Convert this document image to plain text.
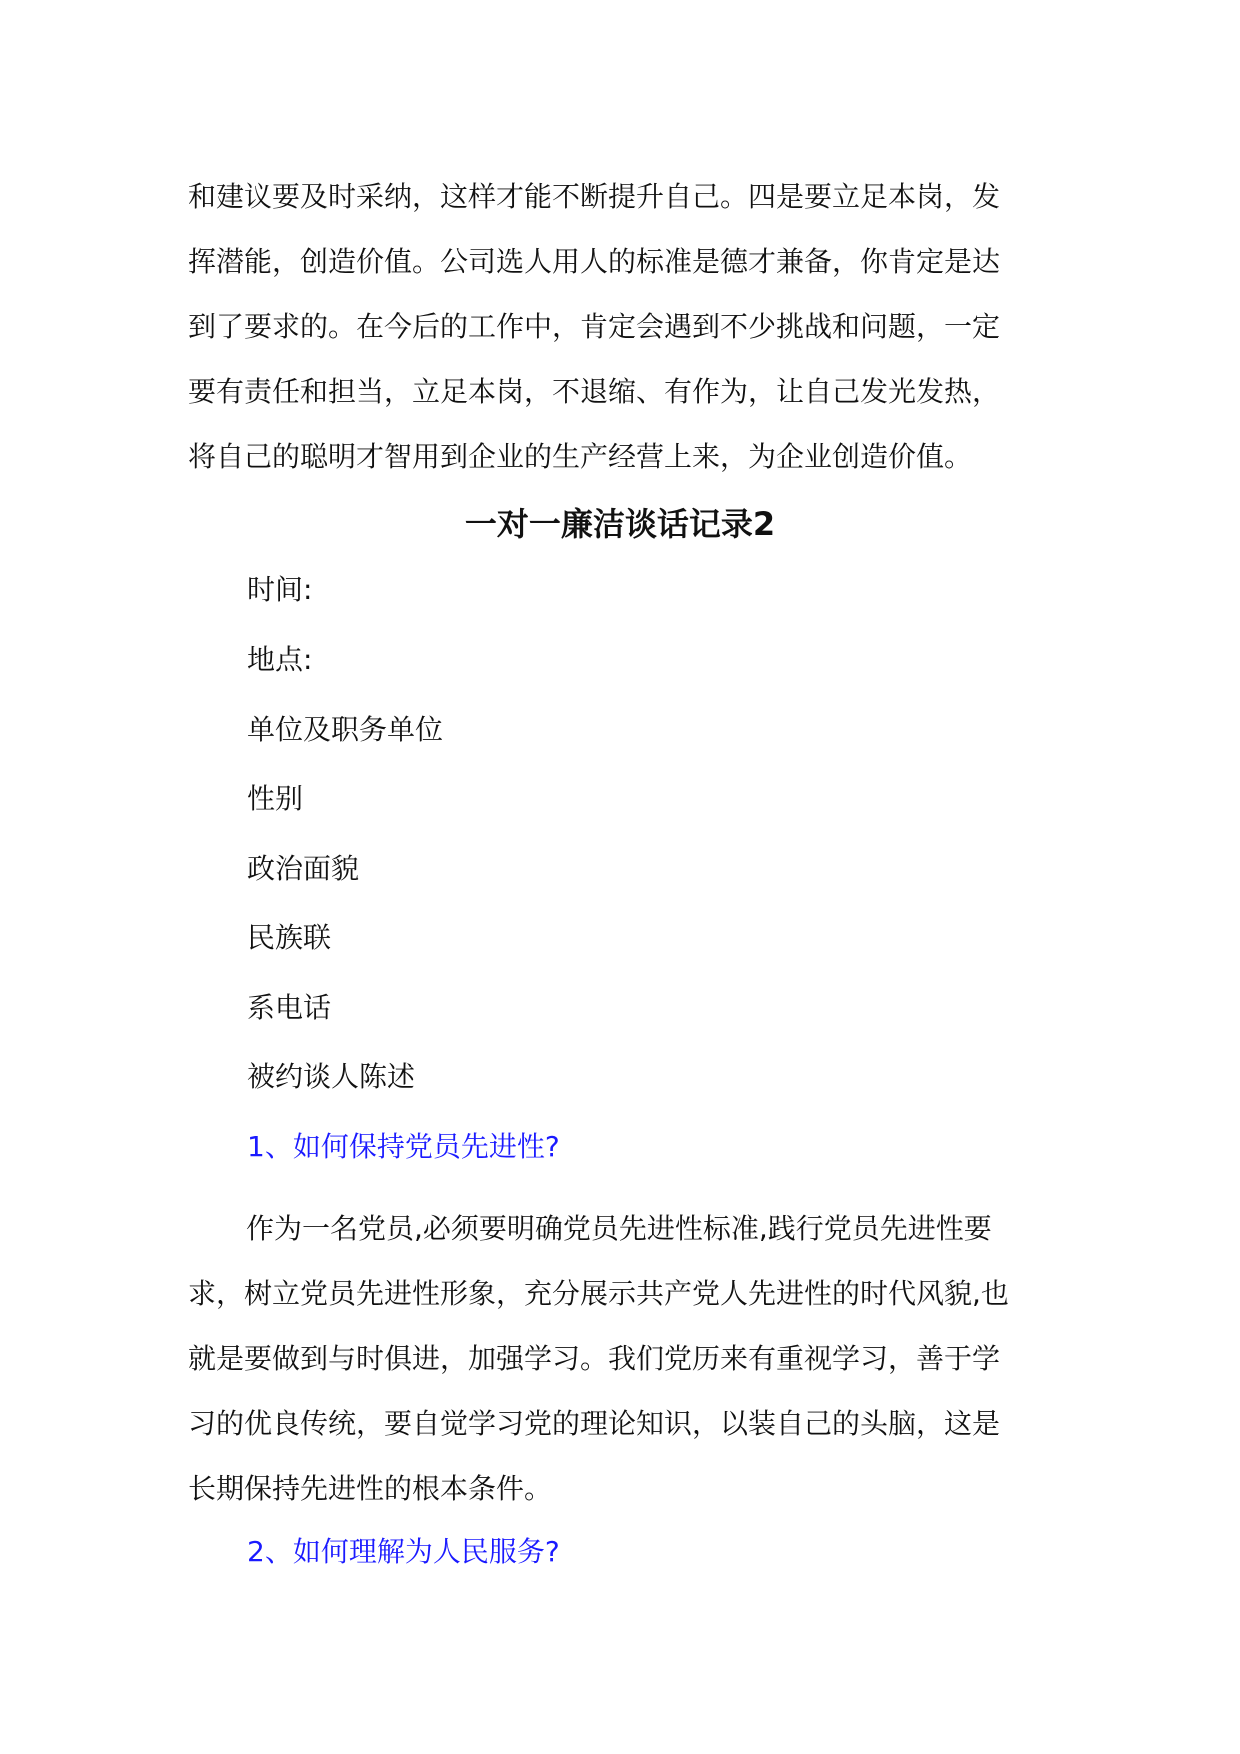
和建议要及时采纳，这样才能不断提升自己。四是要立足本岗，发

挥潜能，创造价值。公司选人用人的标准是德才兼备，你肯定是达

到了要求的。在今后的工作中，肯定会遇到不少挑战和问题，一定

要有责任和担当，立足本岗，不退缩、有作为，让自己发光发热，

将自己的聪明才智用到企业的生产经营上来，为企业创造价值。

一对一廉洁谈话记录2

时间:

地点:

单位及职务单位

性别

政治面貌

民族联

系电话

被约谈人陈述

1、如何保持党员先进性?

作为一名党员,必须要明确党员先进性标准,践行党员先进性要

求，树立党员先进性形象，充分展示共产党人先进性的时代风貌,也

就是要做到与时俱进，加强学习。我们党历来有重视学习，善于学

习的优良传统，要自觉学习党的理论知识，以装自己的头脑，这是

长期保持先进性的根本条件。

2、如何理解为人民服务?
